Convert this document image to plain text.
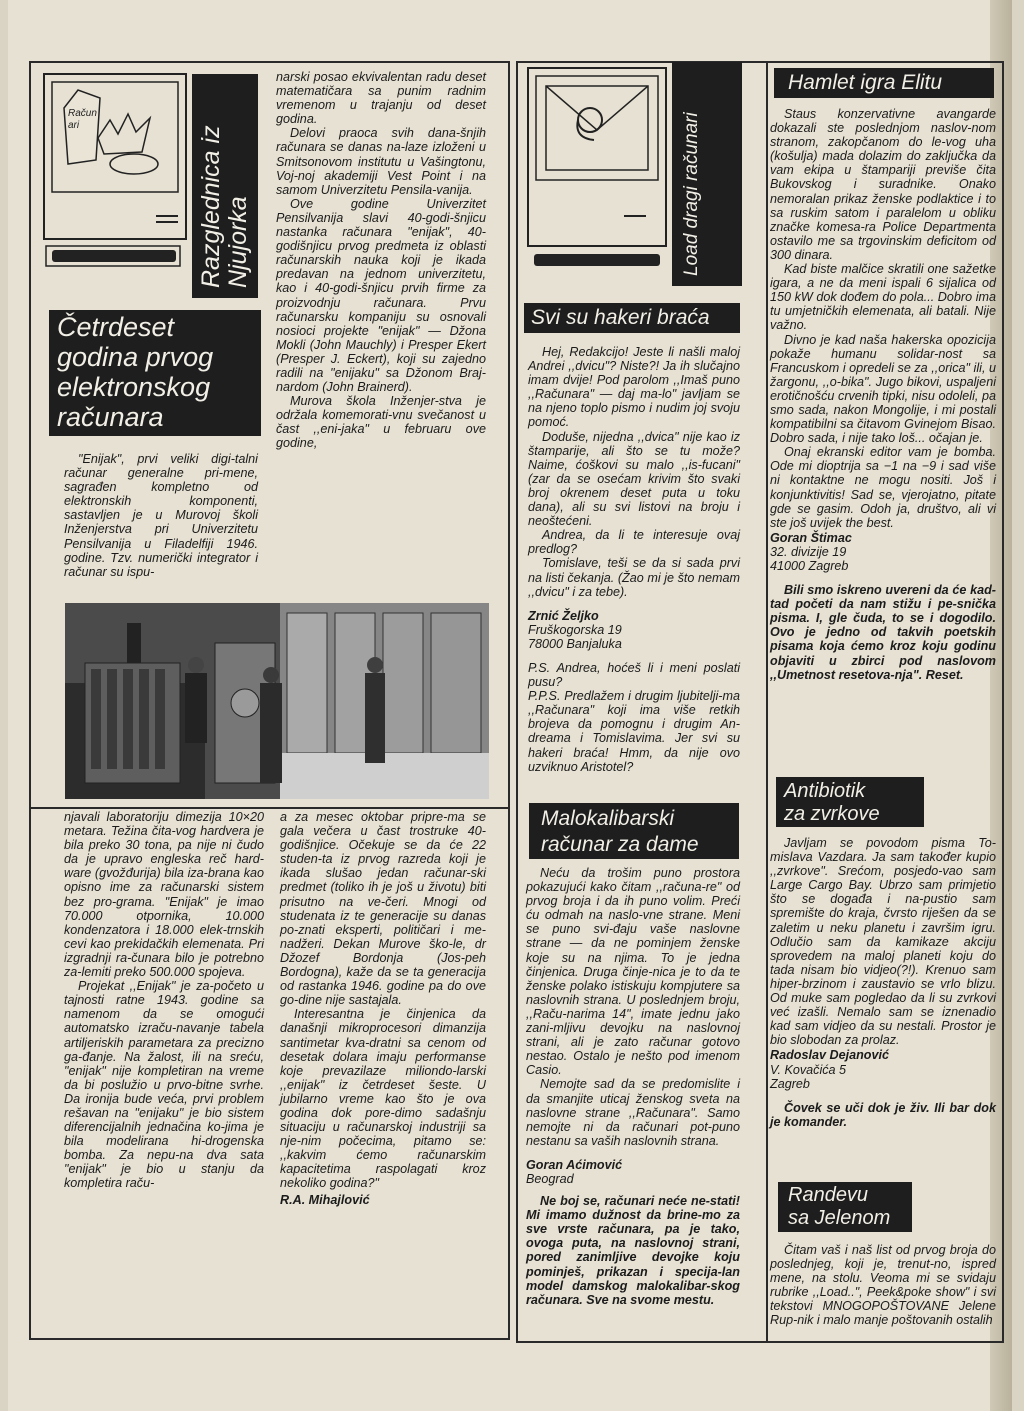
Račun
ari	Razglednica iz Njujorka
Četrdeset
godina prvog
elektronskog
računara

"Enijak", prvi veliki digi-talni računar generalne pri-mene, sagrađen kompletno od elektronskih komponenti, sastavljen je u Murovoj školi Inženjerstva pri Univerzitetu Pensilvanija u Filadelfiji 1946. godine. Tzv. numerički integrator i računar su ispu-

narski posao ekvivalentan radu deset matematičara sa punim radnim vremenom u trajanju od deset godina.

Delovi praoca svih dana-šnjih računara se danas na-laze izloženi u Smitsonovom institutu u Vašingtonu, Voj-noj akademiji Vest Point i na samom Univerzitetu Pensila-vanija.

Ove godine Univerzitet Pensilvanija slavi 40-godi-šnjicu nastanka računara "enijak", 40-godišnjicu prvog predmeta iz oblasti računarskih nauka koji je ikada predavan na jednom univerzitetu, kao i 40-godi-šnjicu prvih firme za proizvodnju računara. Prvu računarsku kompaniju su osnovali nosioci projekte "enijak" — Džona Mokli (John Mauchly) i Presper Ekert (Presper J. Eckert), koji su zajedno radili na "enijaku" sa Džonom Braj-nardom (John Brainerd).

Murova škola Inženjer-stva je održala komemorati-vnu svečanost u čast ,,eni-jaka" u februaru ove godine,

njavali laboratoriju dimezija 10×20 metara. Težina čita-vog hardvera je bila preko 30 tona, pa nije ni čudo da je upravo engleska reč hard-ware (gvožđurija) bila iza-brana kao opisno ime za računarski sistem bez pro-grama. "Enijak" je imao 70.000 otpornika, 10.000 kondenzatora i 18.000 elek-trnskih cevi kao prekidačkih elemenata. Pri izgradnji ra-čunara bilo je potrebno za-lemiti preko 500.000 spojeva.

Projekat ,,Enijak" je za-početo u tajnosti ratne 1943. godine sa namenom da se omogući automatsko izraču-navanje tabela artiljeriskih parametara za precizno ga-đanje. Na žalost, ili na sreću, "enijak" nije kompletiran na vreme da bi poslužio u prvo-bitne svrhe. Da ironija bude veća, prvi problem rešavan na "enijaku" je bio sistem diferencijalnih jednačina ko-jima je bila modelirana hi-drogenska bomba. Za nepu-na dva sata "enijak" je bio u stanju da kompletira raču-

a za mesec oktobar pripre-ma se gala večera u čast trostruke 40-godišnjice. Očekuje se da će 22 studen-ta iz prvog razreda koji je ikada slušao jedan računar-ski predmet (toliko ih je još u životu) biti prisutno na ve-čeri. Mnogi od studenata iz te generacije su danas po-znati eksperti, političari i me-nadžeri. Dekan Murove ško-le, dr Džozef Bordonja (Jos-peh Bordogna), kaže da se ta generacija od rastanka 1946. godine pa do ove go-dine nije sastajala.

Interesantna je činjenica da današnji mikroprocesori dimanzija santimetar kva-dratni sa cenom od desetak dolara imaju performanse koje prevazilaze miliondo-larski ,,enijak" iz četrdeset šeste. U jubilarno vreme kao što je ova godina dok pore-dimo sadašnju situaciju u računarskoj industriji sa nje-nim počecima, pitamo se: ,,kakvim ćemo računarskim kapacitetima raspolagati kroz nekoliko godina?"

R.A. Mihajlović

Load dragi računari
Svi su hakeri braća

Hej, Redakcijo! Jeste li našli maloj Andrei ,,dvicu"? Niste?! Ja ih slučajno imam dvije! Pod parolom ,,Imaš puno ,,Računara" — daj ma-lo" javljam se na njeno toplo pismo i nudim joj svoju pomoć.

Doduše, nijedna ,,dvica" nije kao iz štamparije, ali što se tu može? Naime, ćoškovi su malo ,,is-fucani" (zar da se osećam krivim što svaki broj okrenem deset puta u toku dana), ali su svi listovi na broju i neoštećeni.

Andrea, da li te interesuje ovaj predlog?

Tomislave, teši se da si sada prvi na listi čekanja. (Žao mi je što nemam ,,dvicu" i za tebe).

Zrnić Željko

Fruškogorska 19

78000 Banjaluka

P.S. Andrea, hoćeš li i meni poslati pusu?

P.P.S. Predlažem i drugim ljubitelji-ma ,,Računara" koji ima više retkih brojeva da pomognu i drugim An-dreama i Tomislavima. Jer svi su hakeri braća! Hmm, da nije ovo uzviknuo Aristotel?

Malokalibarski
računar za dame

Neću da trošim puno prostora pokazujući kako čitam ,,računa-re" od prvog broja i da ih puno volim. Preći ću odmah na naslo-vne strane. Meni se puno svi-đaju vaše naslovne strane — da ne pominjem ženske koje su na njima. To je jedna činjenica. Druga činje-nica je to da te ženske polako istiskuju kompjutere sa naslovnih strana. U poslednjem broju, ,,Raču-narima 14", imate jednu jako zani-mljivu devojku na naslovnoj strani, ali je zato računar gotovo nestao. Ostalo je nešto pod imenom Casio.

Nemojte sad da se predomislite i da smanjite uticaj ženskog sveta na naslovne strane ,,Računara". Samo nemojte ni da računari pot-puno nestanu sa vaših naslovnih strana.

Goran Aćimović

Beograd

Ne boj se, računari neće ne-stati! Mi imamo dužnost da brine-mo za sve vrste računara, pa je tako, ovoga puta, na naslovnoj strani, pored zanimljive devojke koju pominješ, prikazan i specija-lan model damskog malokalibar-skog računara. Sve na svome mestu.

Hamlet igra Elitu

Staus konzervativne avangarde dokazali ste poslednjom naslov-nom stranom, zakopčanom do le-vog uha (košulja) mada dolazim do zaključka da vam ekipa u štampariji previše čita Bukovskog i suradnike. Onako nemoralan prikaz ženske podlaktice i to sa ruskim satom i paralelom u obliku značke komesa-ra Police Departmenta ostavilo me sa trgovinskim deficitom od 300 dinara.

Kad biste malčice skratili one sažetke igara, a ne da meni ispali 6 sijalica od 150 kW dok dođem do pola... Dobro ima tu umjetničkih elemenata, ali batali. Nije važno.

Divno je kad naša hakerska opozicija pokaže humanu solidar-nost sa Francuskom i opredeli se za ,,orica" ili, u žargonu, ,,o-bika". Jugo bikovi, uspaljeni erotičnošću crvenih tipki, nisu odoleli, pa smo sada, nakon Mongolije, i mi postali kompatibilni sa čitavom Gvinejom Bisao. Dobro sada, i nije tako loš... očajan je.

Onaj ekranski editor vam je bomba. Ode mi dioptrija sa −1 na −9 i sad više ni kontaktne ne mogu nositi. Još i konjunktivitis! Sad se, vjerojatno, pitate gde se gasim. Odoh ja, društvo, ali vi ste još uvijek the best.

Goran Štimac

32. divizije 19

41000 Zagreb

Bili smo iskreno uvereni da će kad-tad početi da nam stižu i pe-snička pisma. I, gle čuda, to se i dogodilo. Ovo je jedno od takvih poetskih pisama koja ćemo kroz koju godinu objaviti u zbirci pod naslovom ,,Umetnost resetova-nja". Reset.

Antibiotik
za zvrkove

Javljam se povodom pisma To-mislava Vazdara. Ja sam također kupio ,,zvrkove". Srećom, posjedo-vao sam Large Cargo Bay. Ubrzo sam primjetio što se događa i na-pustio sam spremište do kraja, čvrsto riješen da se zaletim u neku planetu i završim igru. Odlučio sam da kamikaze akciju sprovedem na maloj planeti koju do tada nisam bio vidjeo(?!). Krenuo sam hiper-brzinom i zaustavio se vrlo blizu. Od muke sam pogledao da li su zvrkovi već izašli. Nemalo sam se iznenadio kad sam vidjeo da su nestali. Prostor je bio slobodan za prolaz.

Radoslav Dejanović

V. Kovačića 5

Zagreb

Čovek se uči dok je živ. Ili bar dok je komander.

Randevu
sa Jelenom

Čitam vaš i naš list od prvog broja do poslednjeg, koji je, trenut-no, ispred mene, na stolu. Veoma mi se svidaju rubrike ,,Load..", Peek&poke show" i svi tekstovi MNOGOPOŠTOVANE Jelene Rup-nik i malo manje poštovanih ostalih
